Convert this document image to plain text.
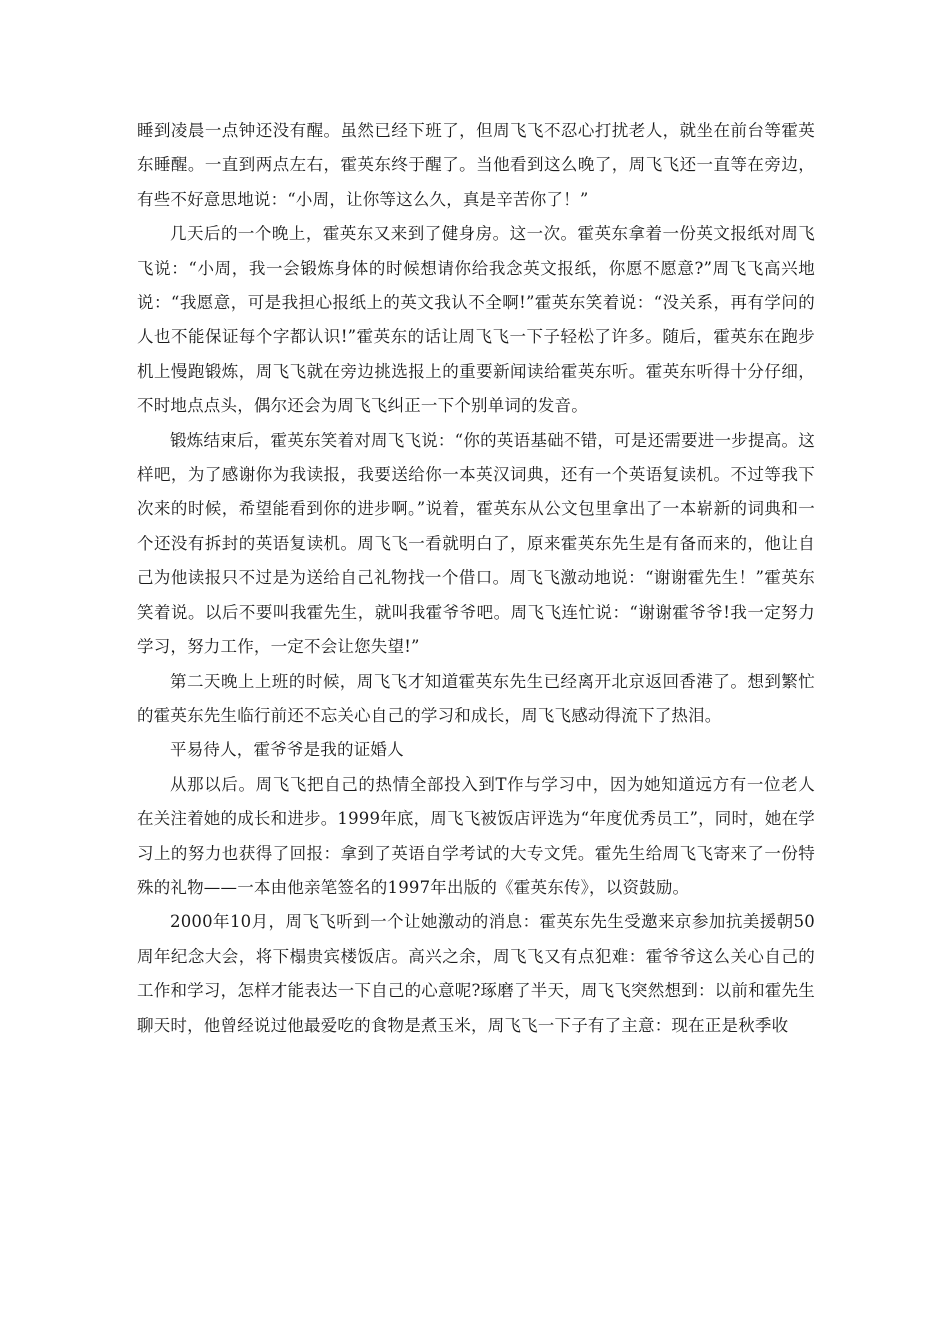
睡到凌晨一点钟还没有醒。虽然已经下班了，但周飞飞不忍心打扰老人，就坐在前台等霍英东睡醒。一直到两点左右，霍英东终于醒了。当他看到这么晚了，周飞飞还一直等在旁边，有些不好意思地说：“小周，让你等这么久，真是辛苦你了！”

几天后的一个晚上，霍英东又来到了健身房。这一次。霍英东拿着一份英文报纸对周飞飞说：“小周，我一会锻炼身体的时候想请你给我念英文报纸，你愿不愿意?”周飞飞高兴地说：“我愿意，可是我担心报纸上的英文我认不全啊!”霍英东笑着说：“没关系，再有学问的人也不能保证每个字都认识!”霍英东的话让周飞飞一下子轻松了许多。随后，霍英东在跑步机上慢跑锻炼，周飞飞就在旁边挑选报上的重要新闻读给霍英东听。霍英东听得十分仔细，不时地点点头，偶尔还会为周飞飞纠正一下个别单词的发音。

锻炼结束后，霍英东笑着对周飞飞说：“你的英语基础不错，可是还需要进一步提高。这样吧，为了感谢你为我读报，我要送给你一本英汉词典，还有一个英语复读机。不过等我下次来的时候，希望能看到你的进步啊。”说着，霍英东从公文包里拿出了一本崭新的词典和一个还没有拆封的英语复读机。周飞飞一看就明白了，原来霍英东先生是有备而来的，他让自己为他读报只不过是为送给自己礼物找一个借口。周飞飞激动地说：“谢谢霍先生！”霍英东笑着说。以后不要叫我霍先生，就叫我霍爷爷吧。周飞飞连忙说：“谢谢霍爷爷!我一定努力学习，努力工作，一定不会让您失望!”

第二天晚上上班的时候，周飞飞才知道霍英东先生已经离开北京返回香港了。想到繁忙的霍英东先生临行前还不忘关心自己的学习和成长，周飞飞感动得流下了热泪。

平易待人，霍爷爷是我的证婚人

从那以后。周飞飞把自己的热情全部投入到T作与学习中，因为她知道远方有一位老人在关注着她的成长和进步。1999年底，周飞飞被饭店评选为“年度优秀员工”，同时，她在学习上的努力也获得了回报：拿到了英语自学考试的大专文凭。霍先生给周飞飞寄来了一份特殊的礼物——一本由他亲笔签名的1997年出版的《霍英东传》，以资鼓励。

2000年10月，周飞飞听到一个让她激动的消息：霍英东先生受邀来京参加抗美援朝50周年纪念大会，将下榻贵宾楼饭店。高兴之余，周飞飞又有点犯难：霍爷爷这么关心自己的工作和学习，怎样才能表达一下自己的心意呢?琢磨了半天，周飞飞突然想到：以前和霍先生聊天时，他曾经说过他最爱吃的食物是煮玉米，周飞飞一下子有了主意：现在正是秋季收
